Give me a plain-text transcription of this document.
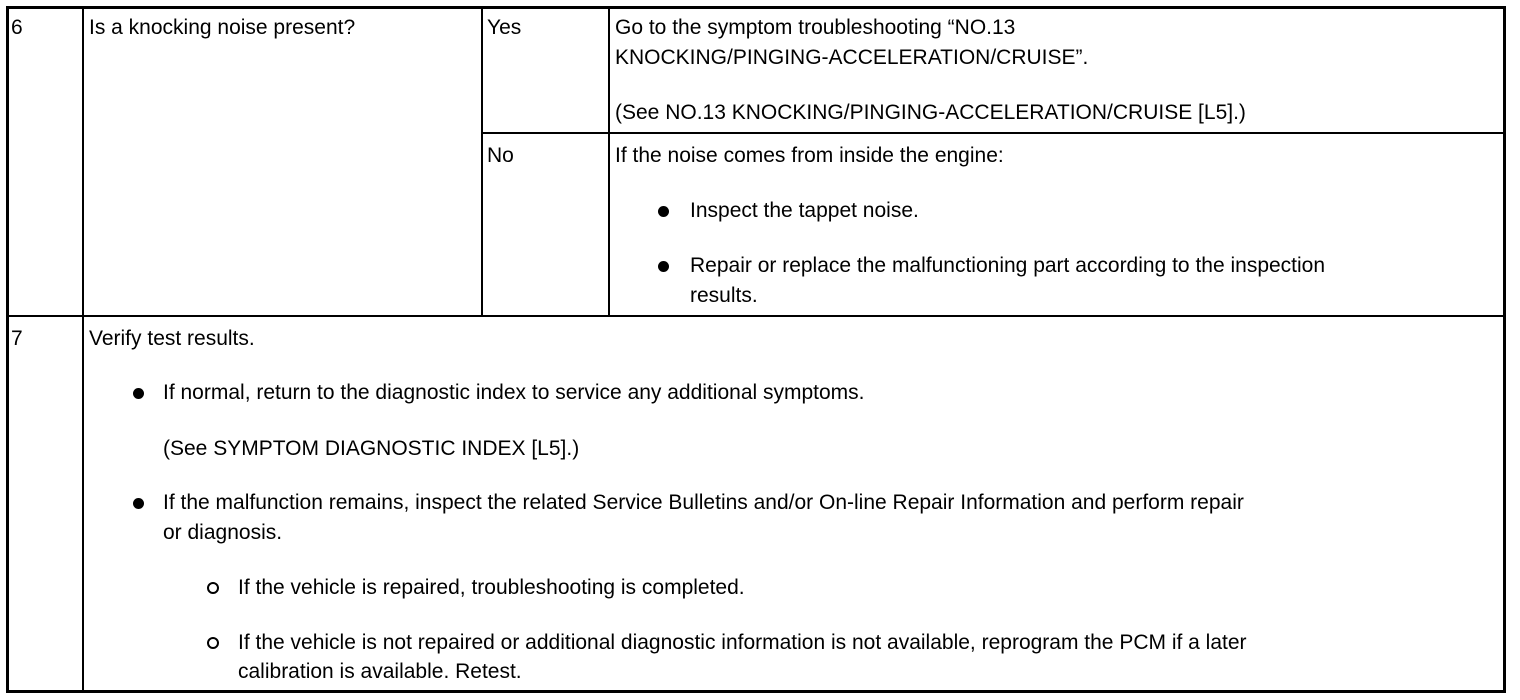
6	Is a knocking noise present?	Yes	Go to the symptom troubleshooting “NO.13
KNOCKING/PINGING-ACCELERATION/CRUISE”.
(See NO.13 KNOCKING/PINGING-ACCELERATION/CRUISE [L5].)
No	If the noise comes from inside the engine:
Inspect the tappet noise.
Repair or replace the malfunctioning part according to the inspection
results.
7	Verify test results.
If normal, return to the diagnostic index to service any additional symptoms.
(See SYMPTOM DIAGNOSTIC INDEX [L5].)
If the malfunction remains, inspect the related Service Bulletins and/or On-line Repair Information and perform repair
or diagnosis.
If the vehicle is repaired, troubleshooting is completed.
If the vehicle is not repaired or additional diagnostic information is not available, reprogram the PCM if a later
calibration is available. Retest.
